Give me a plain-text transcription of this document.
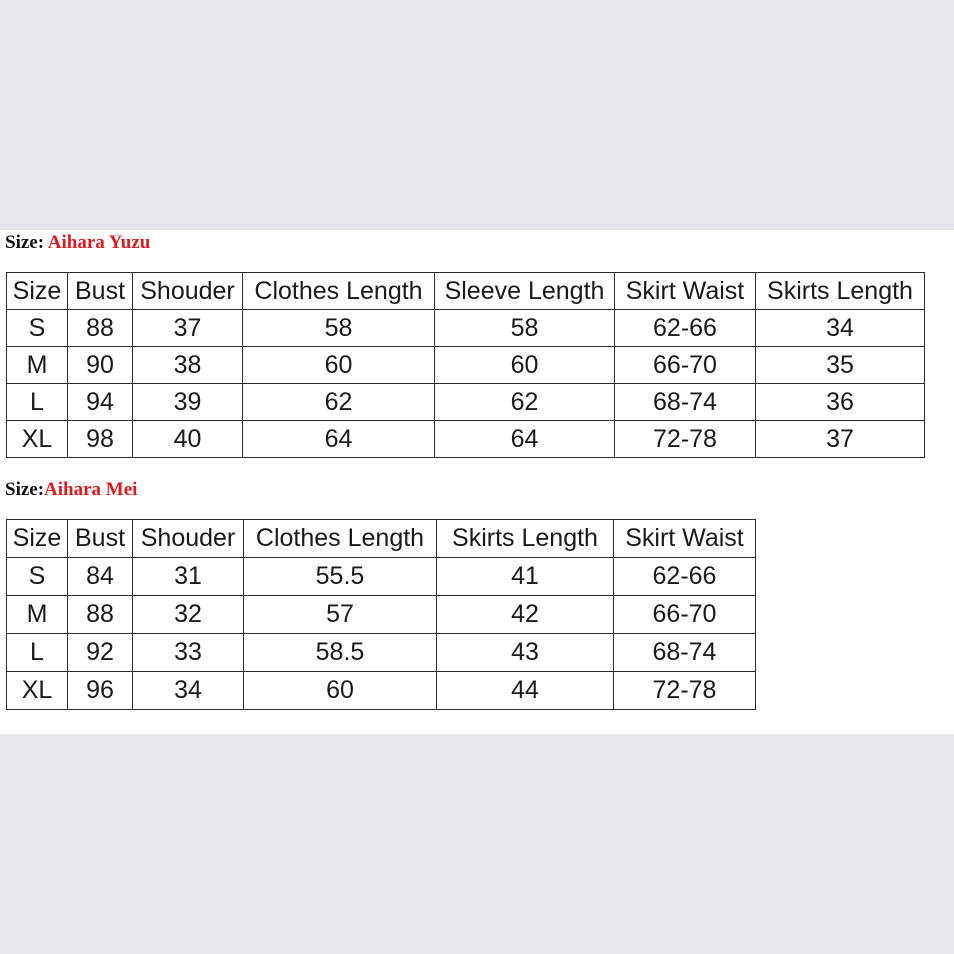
Size: Aihara Yuzu
Size	Bust	Shouder	Clothes Length	Sleeve Length	Skirt Waist	Skirts Length
S	88	37	58	58	62-66	34
M	90	38	60	60	66-70	35
L	94	39	62	62	68-74	36
XL	98	40	64	64	72-78	37
Size:Aihara Mei
Size	Bust	Shouder	Clothes Length	Skirts Length	Skirt Waist
S	84	31	55.5	41	62-66
M	88	32	57	42	66-70
L	92	33	58.5	43	68-74
XL	96	34	60	44	72-78
